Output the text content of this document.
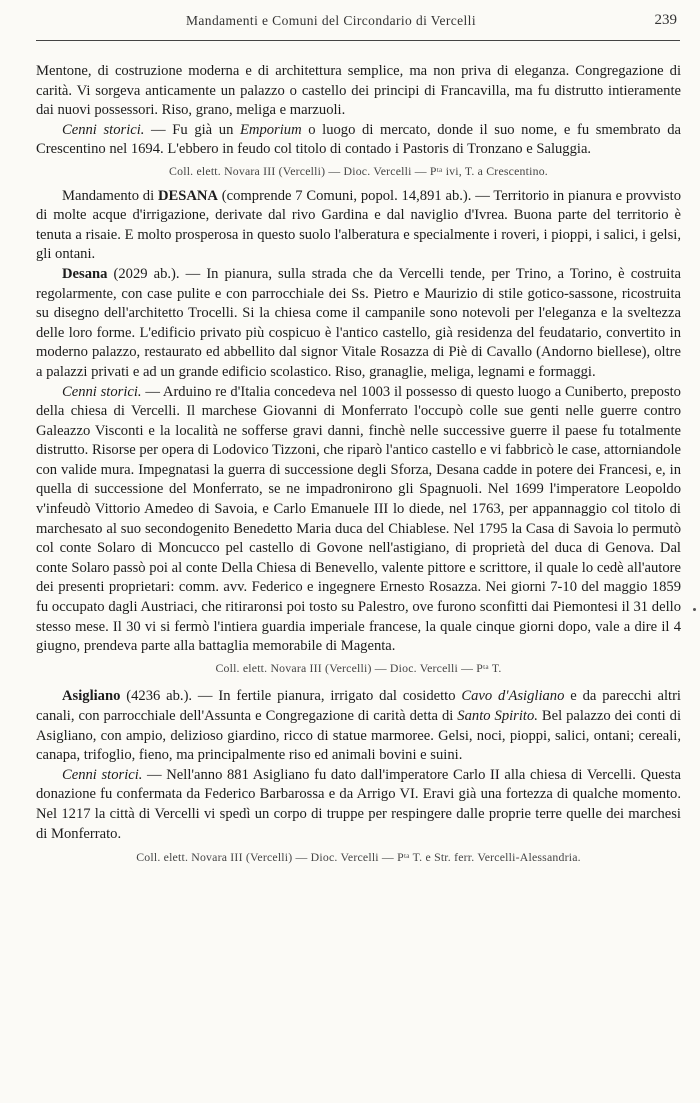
Mandamenti e Comuni del Circondario di Vercelli	239

Mentone, di costruzione moderna e di architettura semplice, ma non priva di eleganza. Congregazione di carità. Vi sorgeva anticamente un palazzo o castello dei principi di Francavilla, ma fu distrutto intieramente dai nuovi possessori. Riso, grano, meliga e marzuoli.

Cenni storici. — Fu già un Emporium o luogo di mercato, donde il suo nome, e fu smembrato da Crescentino nel 1694. L'ebbero in feudo col titolo di contado i Pastoris di Tronzano e Saluggia.

Coll. elett. Novara III (Vercelli) — Dioc. Vercelli — Pᵗᵃ ivi, T. a Crescentino.

Mandamento di DESANA (comprende 7 Comuni, popol. 14,891 ab.). — Territorio in pianura e provvisto di molte acque d'irrigazione, derivate dal rivo Gardina e dal naviglio d'Ivrea. Buona parte del territorio è tenuta a risaie. E molto prosperosa in questo suolo l'alberatura e specialmente i roveri, i pioppi, i salici, i gelsi, gli ontani.

Desana (2029 ab.). — In pianura, sulla strada che da Vercelli tende, per Trino, a Torino, è costruita regolarmente, con case pulite e con parrocchiale dei Ss. Pietro e Maurizio di stile gotico-sassone, ricostruita su disegno dell'architetto Trocelli. Si la chiesa come il campanile sono notevoli per l'eleganza e la sveltezza delle loro forme. L'edificio privato più cospicuo è l'antico castello, già residenza del feudatario, convertito in moderno palazzo, restaurato ed abbellito dal signor Vitale Rosazza di Piè di Cavallo (Andorno biellese), oltre a palazzi privati e ad un grande edificio scolastico. Riso, granaglie, meliga, legnami e formaggi.

Cenni storici. — Arduino re d'Italia concedeva nel 1003 il possesso di questo luogo a Cuniberto, preposto della chiesa di Vercelli. Il marchese Giovanni di Monferrato l'occupò colle sue genti nelle guerre contro Galeazzo Visconti e la località ne sofferse gravi danni, finchè nelle successive guerre il paese fu totalmente distrutto. Risorse per opera di Lodovico Tizzoni, che riparò l'antico castello e vi fabbricò le case, attorniandole con valide mura. Impegnatasi la guerra di successione degli Sforza, Desana cadde in potere dei Francesi, e, in quella di successione del Monferrato, se ne impadronirono gli Spagnuoli. Nel 1699 l'imperatore Leopoldo v'infeudò Vittorio Amedeo di Savoia, e Carlo Emanuele III lo diede, nel 1763, per appannaggio col titolo di marchesato al suo secondogenito Benedetto Maria duca del Chiablese. Nel 1795 la Casa di Savoia lo permutò col conte Solaro di Moncucco pel castello di Govone nell'astigiano, di proprietà del duca di Genova. Dal conte Solaro passò poi al conte Della Chiesa di Benevello, valente pittore e scrittore, il quale lo cedè all'autore dei presenti proprietari: comm. avv. Federico e ingegnere Ernesto Rosazza. Nei giorni 7-10 del maggio 1859 fu occupato dagli Austriaci, che ritiraronsi poi tosto su Palestro, ove furono sconfitti dai Piemontesi il 31 dello stesso mese. Il 30 vi si fermò l'intiera guardia imperiale francese, la quale cinque giorni dopo, vale a dire il 4 giugno, prendeva parte alla battaglia memorabile di Magenta.

Coll. elett. Novara III (Vercelli) — Dioc. Vercelli — Pᵗᵃ T.

Asigliano (4236 ab.). — In fertile pianura, irrigato dal cosidetto Cavo d'Asigliano e da parecchi altri canali, con parrocchiale dell'Assunta e Congregazione di carità detta di Santo Spirito. Bel palazzo dei conti di Asigliano, con ampio, delizioso giardino, ricco di statue marmoree. Gelsi, noci, pioppi, salici, ontani; cereali, canapa, trifoglio, fieno, ma principalmente riso ed animali bovini e suini.

Cenni storici. — Nell'anno 881 Asigliano fu dato dall'imperatore Carlo II alla chiesa di Vercelli. Questa donazione fu confermata da Federico Barbarossa e da Arrigo VI. Eravi già una fortezza di qualche momento. Nel 1217 la città di Vercelli vi spedì un corpo di truppe per respingere dalle proprie terre quelle dei marchesi di Monferrato.

Coll. elett. Novara III (Vercelli) — Dioc. Vercelli — Pᵗᵃ T. e Str. ferr. Vercelli-Alessandria.
